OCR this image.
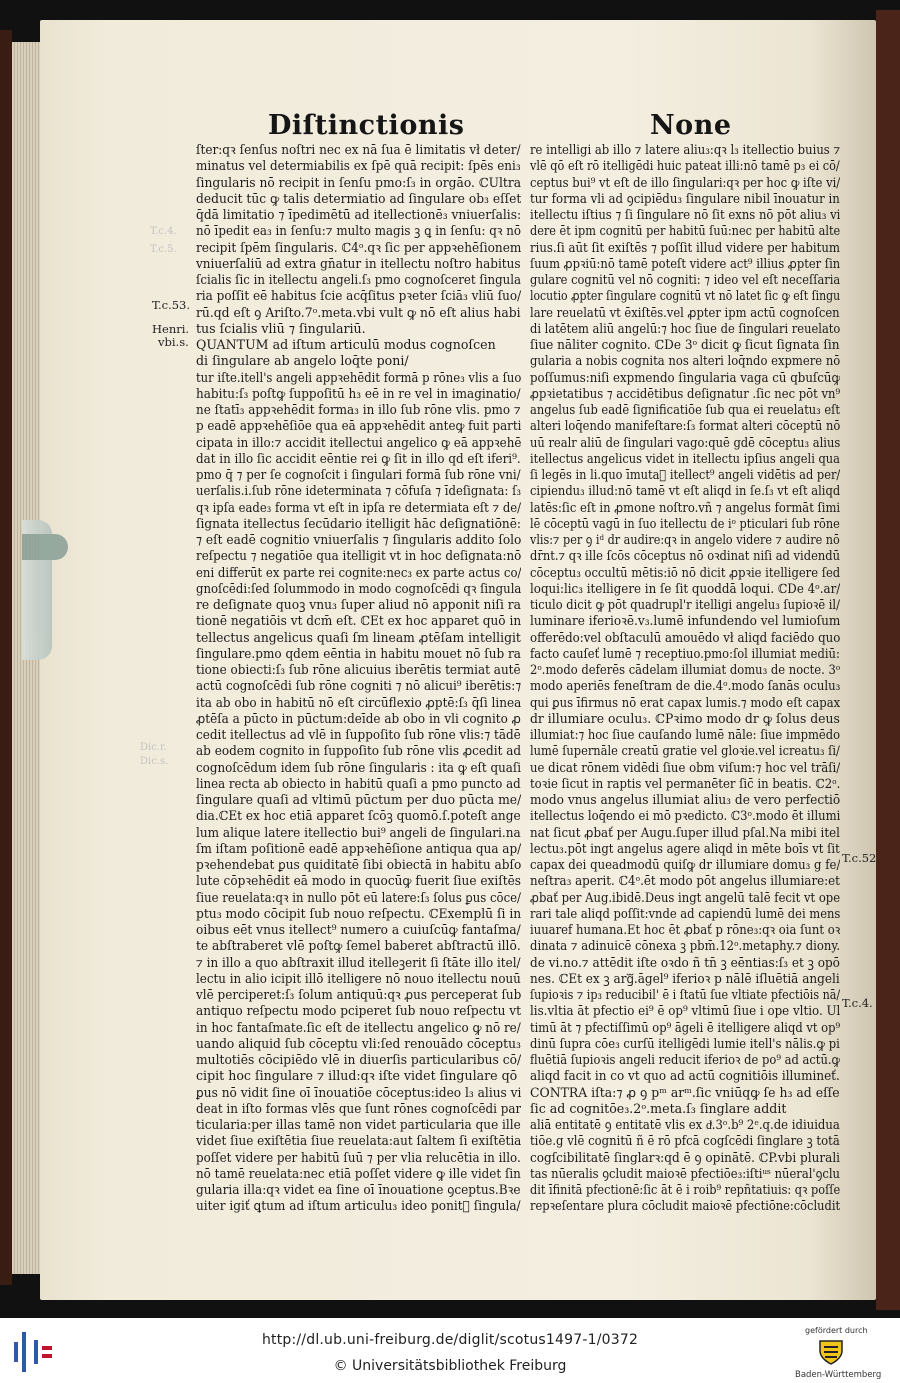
Diſtinctionis	None
T.c.4.
T.c.5.
Dic.r.
Dic.s.
T.c.53.
Henri.
vbi.s.
T.c.52
T.c.4.
ſter:qꝛ ſenſus noſtri nec ex nā ſua ē limitatis vł deter/
minatus vel determiabilis ex ſpē quā recipit: ſpēs eni₃
ſingularis nō recipit in ſenſu pmo:ſ₃ in orgāo. ℂUltra
deducit tūc ꝙ talis determiatio ad ſingulare ob₃ eſſet
q̄dā limitatio ⁊ īpedimētū ad itellectionē₃ vniuerſalis:
nō īpedit ea₃ in ſenſu:⁊ multo magis ꝫ ꝗ in ſenſu: qꝛ nō
recipit ſpēm ſingularis. ℂ4ᵒ.qꝛ ſic per appꝛehēſionem
vniuerſaliū ad extra gn̄atur in itellectu noſtro habitus
ſcialis ſic in itellectu angeli.ſ₃ pmo cognoſceret ſingula
ria poſſit eē habitus ſcie acq̄ſitus pꝛeter ſciā₃ vliū ſuo/
rū.qd eſt ꝯ Ariſto.7ᵒ.meta.vbi vult ꝙ nō eſt alius habi
tus ſcialis vliū ⁊ ſingulariū.
QUANTUM ad iſtum articulū modus cognoſcen
di ſingulare ab angelo loq̄te poni/
tur iſte.itell's angeli appꝛehēdit formā p rōne₃ vlis a ſuo
habitu:ſ₃ poſtꝙ ſuppoſitū h₃ eē in re vel in imaginatio/
ne ſtatī₃ appꝛehēdit forma₃ in illo ſub rōne vlis. pmo ⁊
p eadē appꝛehēſiōe qua eā appꝛehēdit anteꝙ fuit parti
cipata in illo:⁊ accidit itellectui angelico ꝙ eā appꝛehē
dat in illo ſic accidit eēntie rei ꝙ ſit in illo qd eſt iferi⁹.
pmo q̄ ⁊ per ſe cognoſcit i ſingulari formā ſub rōne vni/
uerſalis.i.ſub rōne ideterminata ⁊ cōfuſa ⁊ īdeſignata: ſ₃
qꝛ ipſa eade₃ forma vt eſt in ipſa re determiata eſt ⁊ de/
ſignata itellectus ſecūdario itelligit hāc deſignatiōnē:
⁊ eſt eadē cognitio vniuerſalis ⁊ ſingularis addito ſolo
reſpectu ⁊ negatiōe qua itelligit vt in hoc deſignata:nō
eni differūt ex parte rei cognite:nec₃ ex parte actus co/
gnoſcēdi:ſed ſolummodo in modo cognoſcēdi qꝛ ſingula
re deſignate quoꝫ vnu₃ ſuper aliud nō apponit niſi ra
tionē negatiōis vt dcm̄ eſt. ℂEt ex hoc apparet quō in
tellectus angelicus quaſi ſm lineam ꝓtēſam intelligit
ſingulare.pmo qdem eēntia in habitu mouet nō ſub ra
tione obiecti:ſ₃ ſub rōne alicuius iberētis termiat autē
actū cognoſcēdi ſub rōne cogniti ⁊ nō alicui⁹ iberētis:⁊
ita ab obo in habitū nō eſt circūflexio ꝓptē:ſ₃ q̄ſi linea
ꝓtēſa a pūcto in pūctum:deīde ab obo in vli cognito ꝓ
cedit itellectus ad vlē in ſuppoſito ſub rōne vlis:⁊ tādē
ab eodem cognito in ſuppoſito ſub rōne vlis ꝓcedit ad
cognoſcēdum idem ſub rōne ſingularis : ita ꝙ eſt quaſi
linea recta ab obiecto in habitū quaſi a pmo puncto ad
ſingulare quaſi ad vltimū pūctum per duo pūcta me/
dia.ℂEt ex hoc etiā apparet ſcōꝫ quomō.ſ.poteſt ange
lum alique latere itellectio bui⁹ angeli de ſingulari.na
ſm iſtam poſitionē eadē appꝛehēſione antiqua qua ap/
pꝛehendebat ꝑus quiditatē ſibi obiectā in habitu abſo
lute cōpꝛehēdit eā modo in quocūꝙ fuerit ſiue exiſtēs
ſiue reuelata:qꝛ in nullo pōt eū latere:ſ₃ ſolus ꝑus cōce/
ptu₃ modo cōcipit ſub nouo reſpectu. ℂExemplū ſi in
oibus eēt vnus itellect⁹ numero a cuiuſcūꝙ fantaſma/
te abſtraberet vlē poſtꝙ ſemel baberet abſtractū illō.
⁊ in illo a quo abſtraxit illud itelleꝫerit ſi ſtāte illo itel/
lectu in alio icipit illō itelligere nō nouo itellectu nouū
vlē perciperet:ſ₃ ſolum antiquū:qꝛ ꝓus perceperat ſub
antiquo reſpectu modo pciperet ſub nouo reſpectu vt
in hoc fantaſmate.ſic eſt de itellectu angelico ꝙ nō re/
uando aliquid ſub cōceptu vli:ſed renouādo cōceptu₃
multotiēs cōcipiēdo vlē in diuerſis particularibus cō/
cipit hoc ſingulare ⁊ illud:qꝛ iſte videt ſingulare qō
ꝑus nō vidit ſine oī īnouatiōe cōceptus:ideo l₃ alius vi
deat in iſto formas vlēs que ſunt rōnes cognoſcēdi par
ticularia:per illas tamē non videt particularia que ille
videt ſiue exiſtētia ſiue reuelata:aut ſaltem ſi exiſtētia
poſſet videre per habitū ſuū ⁊ per vlia relucētia in illo.
nō tamē reuelata:nec etiā poſſet videre ꝙ ille videt ſin
gularia illa:qꝛ videt ea ſine oī īnouatione ꝯceptus.Bꝛe
uiter igiť ꝗtum ad iſtum articulu₃ ideo ponitᷣ ſingula/
re intelligi ab illo ⁊ latere aliu₃:qꝛ l₃ itellectio buius ⁊
vlē qō eſt rō itelligēdi huic pateat illi:nō tamē p₃ ei cō/
ceptus bui⁹ vt eſt de illo ſingulari:qꝛ per hoc ꝙ iſte vi/
tur forma vli ad ꝯcipiēdu₃ ſingulare nibil īnouatur in
itellectu iſtius ⁊ ſi ſingulare nō ſit exns nō pōt aliu₃ vi
dere ēt ipm cognitū per habitū ſuū:nec per habitū alte
rius.ſi aūt ſit exiſtēs ⁊ poſſit illud videre per habitum
ſuum ꝓpꝛiū:nō tamē poteſt videre act⁹ illius ꝓpter ſin
gulare cognitū vel nō cogniti: ⁊ ideo vel eſt neceſſaria
locutio ꝓpter ſingulare cognitū vt nō latet ſic ꝙ eſt ſingu
lare reuelatū vt ēxiſtēs.vel ꝓpter ipm actū cognoſcen
di latētem aliū angelū:⁊ hoc ſiue de ſingulari reuelato
ſiue nāliter cognito. ℂDe 3ᵒ dicit ꝙ ſicut ſignata ſin
gularia a nobis cognita nos alteri loq̄ndo expmere nō
poſſumus:niſi expmendo ſingularia vaga cū qbuſcūꝙ
ꝓpꝛietatibus ⁊ accidētibus deſignatur .ſic nec pōt vn⁹
angelus ſub eadē ſignificatiōe ſub qua ei reuelatu₃ eſt
alteri loq̄endo manifeſtare:ſ₃ format alteri cōceptū nō
uū realr aliū de ſingulari vago:quē gdē cōceptu₃ alius
itellectus angelicus videt in itellectu ipſius angeli qua
ſi legēs in li.quo īmutaᷓ itellect⁹ angeli vidētis ad per/
cipiendu₃ illud:nō tamē vt eſt aliqd in ſe.ſ₃ vt eſt aliqd
latēs:ſic eſt in ꝓmone noſtro.vñ ⁊ angelus formāt ſimi
lē cōceptū vagū in ſuo itellectu de iᵒ pticulari ſub rōne
vlis:⁊ per ꝯ iᵈ dr audire:qꝛ in angelo videre ⁊ audire nō
dr̄nt.⁊ qꝛ ille ſcōs cōceptus nō oꝛdinat niſi ad videndū
cōceptu₃ occultū mētis:iō nō dicit ꝓpꝛie itelligere ſed
loqui:lic₃ itelligere in ſe ſit quoddā loqui. ℂDe 4ᵒ.ar/
ticulo dicit ꝙ pōt quadrupl'r itelligi angelu₃ ſupioꝛē il/
luminare iferioꝛē.v₃.lumē infundendo vel lumioſum
offerēdo:vel obſtaculū amouēdo vł aliqd faciēdo quo
facto cauſeť lumē ⁊ receptiuo.pmo:ſol illumiat mediū:
2ᵒ.modo deferēs cādelam illumiat domu₃ de nocte. 3ᵒ
modo aperiēs feneſtram de die.4ᵒ.modo ſanās oculu₃
qui ꝑus īfirmus nō erat capax lumis.⁊ modo eſt capax
dr illumiare oculu₃. ℂPꝛimo modo dr ꝙ ſolus deus
illumiat:⁊ hoc ſiue cauſando lumē nāle: ſiue impmēdo
lumē ſupernāle creatū gratie vel gloꝛie.vel icreatu₃ ſi/
ue dicat rōnem vidēdi ſiue obm viſum:⁊ hoc vel trāſi/
toꝛie ſicut in raptis vel permanēter ſic̄ in beatis. ℂ2ᵒ.
modo vnus angelus illumiat aliu₃ de vero perfectiō
itellectus loq̄endo ei mō pꝛedicto. ℂ3ᵒ.modo ēt illumi
nat ſicut ꝓbať per Augu.ſuper illud pſal.Na mibi itel
lectu₃.pōt ingt angelus agere aliqd in mēte boīs vt ſit
capax dei queadmodū quiſꝙ dr illumiare domu₃ g fe/
neſtra₃ aperit. ℂ4ᵒ.ēt modo pōt angelus illumiare:et
ꝓbať per Aug.ibidē.Deus ingt angelū talē fecit vt ope
rari tale aliqd poſſit:vnde ad capiendū lumē dei mens
iuuaref humana.Et hoc ēt ꝓbať p rōne₃:qꝛ oia ſunt oꝛ
dinata ⁊ adinuicē cōnexa ꝫ pbm̄.12ᵒ.metaphy.⁊ diony.
de vi.no.⁊ attēdit iſte oꝛdo ñ tn̄ ꝫ eēntias:ſ₃ et ꝫ opō
nes. ℂEt ex ꝫ argᷓ.āgel⁹ iferioꝛ p nālē iſluētiā angeli
ſupioꝛis ⁊ ip₃ reducibil' ē i ſtatū ſue vltiate pfectiōis nā/
lis.vltia āt pfectio ei⁹ ē op⁹ vltimū ſiue i ope vltio. Ul
timū āt ⁊ pfectiſſimū op⁹ āgeli ē itelligere aliqd vt op⁹
dinū ſupra cōe₃ curſū itelligēdi lumie itell's nālis.ꝙ pi
fluētiā ſupioꝛis angeli reducit iferioꝛ de po⁹ ad actū.ꝙ
aliqd facit in co vt quo ad actū cognitiōis illumineť.
CONTRA iſta:⁊ ꝓ ꝯ pᵐ arᵐ.ſic vniūqꝙ ſe h₃ ad eſſe
ſic ad cognitōe₃.2ᵒ.meta.ſ₃ ſinglare addit
aliā entitatē ꝯ entitatē vlis ex dͥ.3ᵒ.b⁹ 2ᵉ.q.de idiuidua
tiōe.g vlē cognitū ñ ē rō pfcā cogſcēdi ſinglare ꝫ totā
cogſcibilitatē ſinglarꝛ:qd ē ꝯ opinātē. ℂP.vbi plurali
tas nūeralis ꝯcludit maioꝛē pfectiōe₃:iſtiᵘˢ nūeral'ꝯclu
dit īfinitā pfectionē:ſic āt ē i roib⁹ repñtatiuis: qꝛ poſſe
repꝛeſentare plura cōcludit maioꝛē pfectiōne:cōcludit
http://dl.ub.uni-freiburg.de/diglit/scotus1497-1/0372
© Universitätsbibliothek Freiburg
gefördert durch
Baden-Württemberg
